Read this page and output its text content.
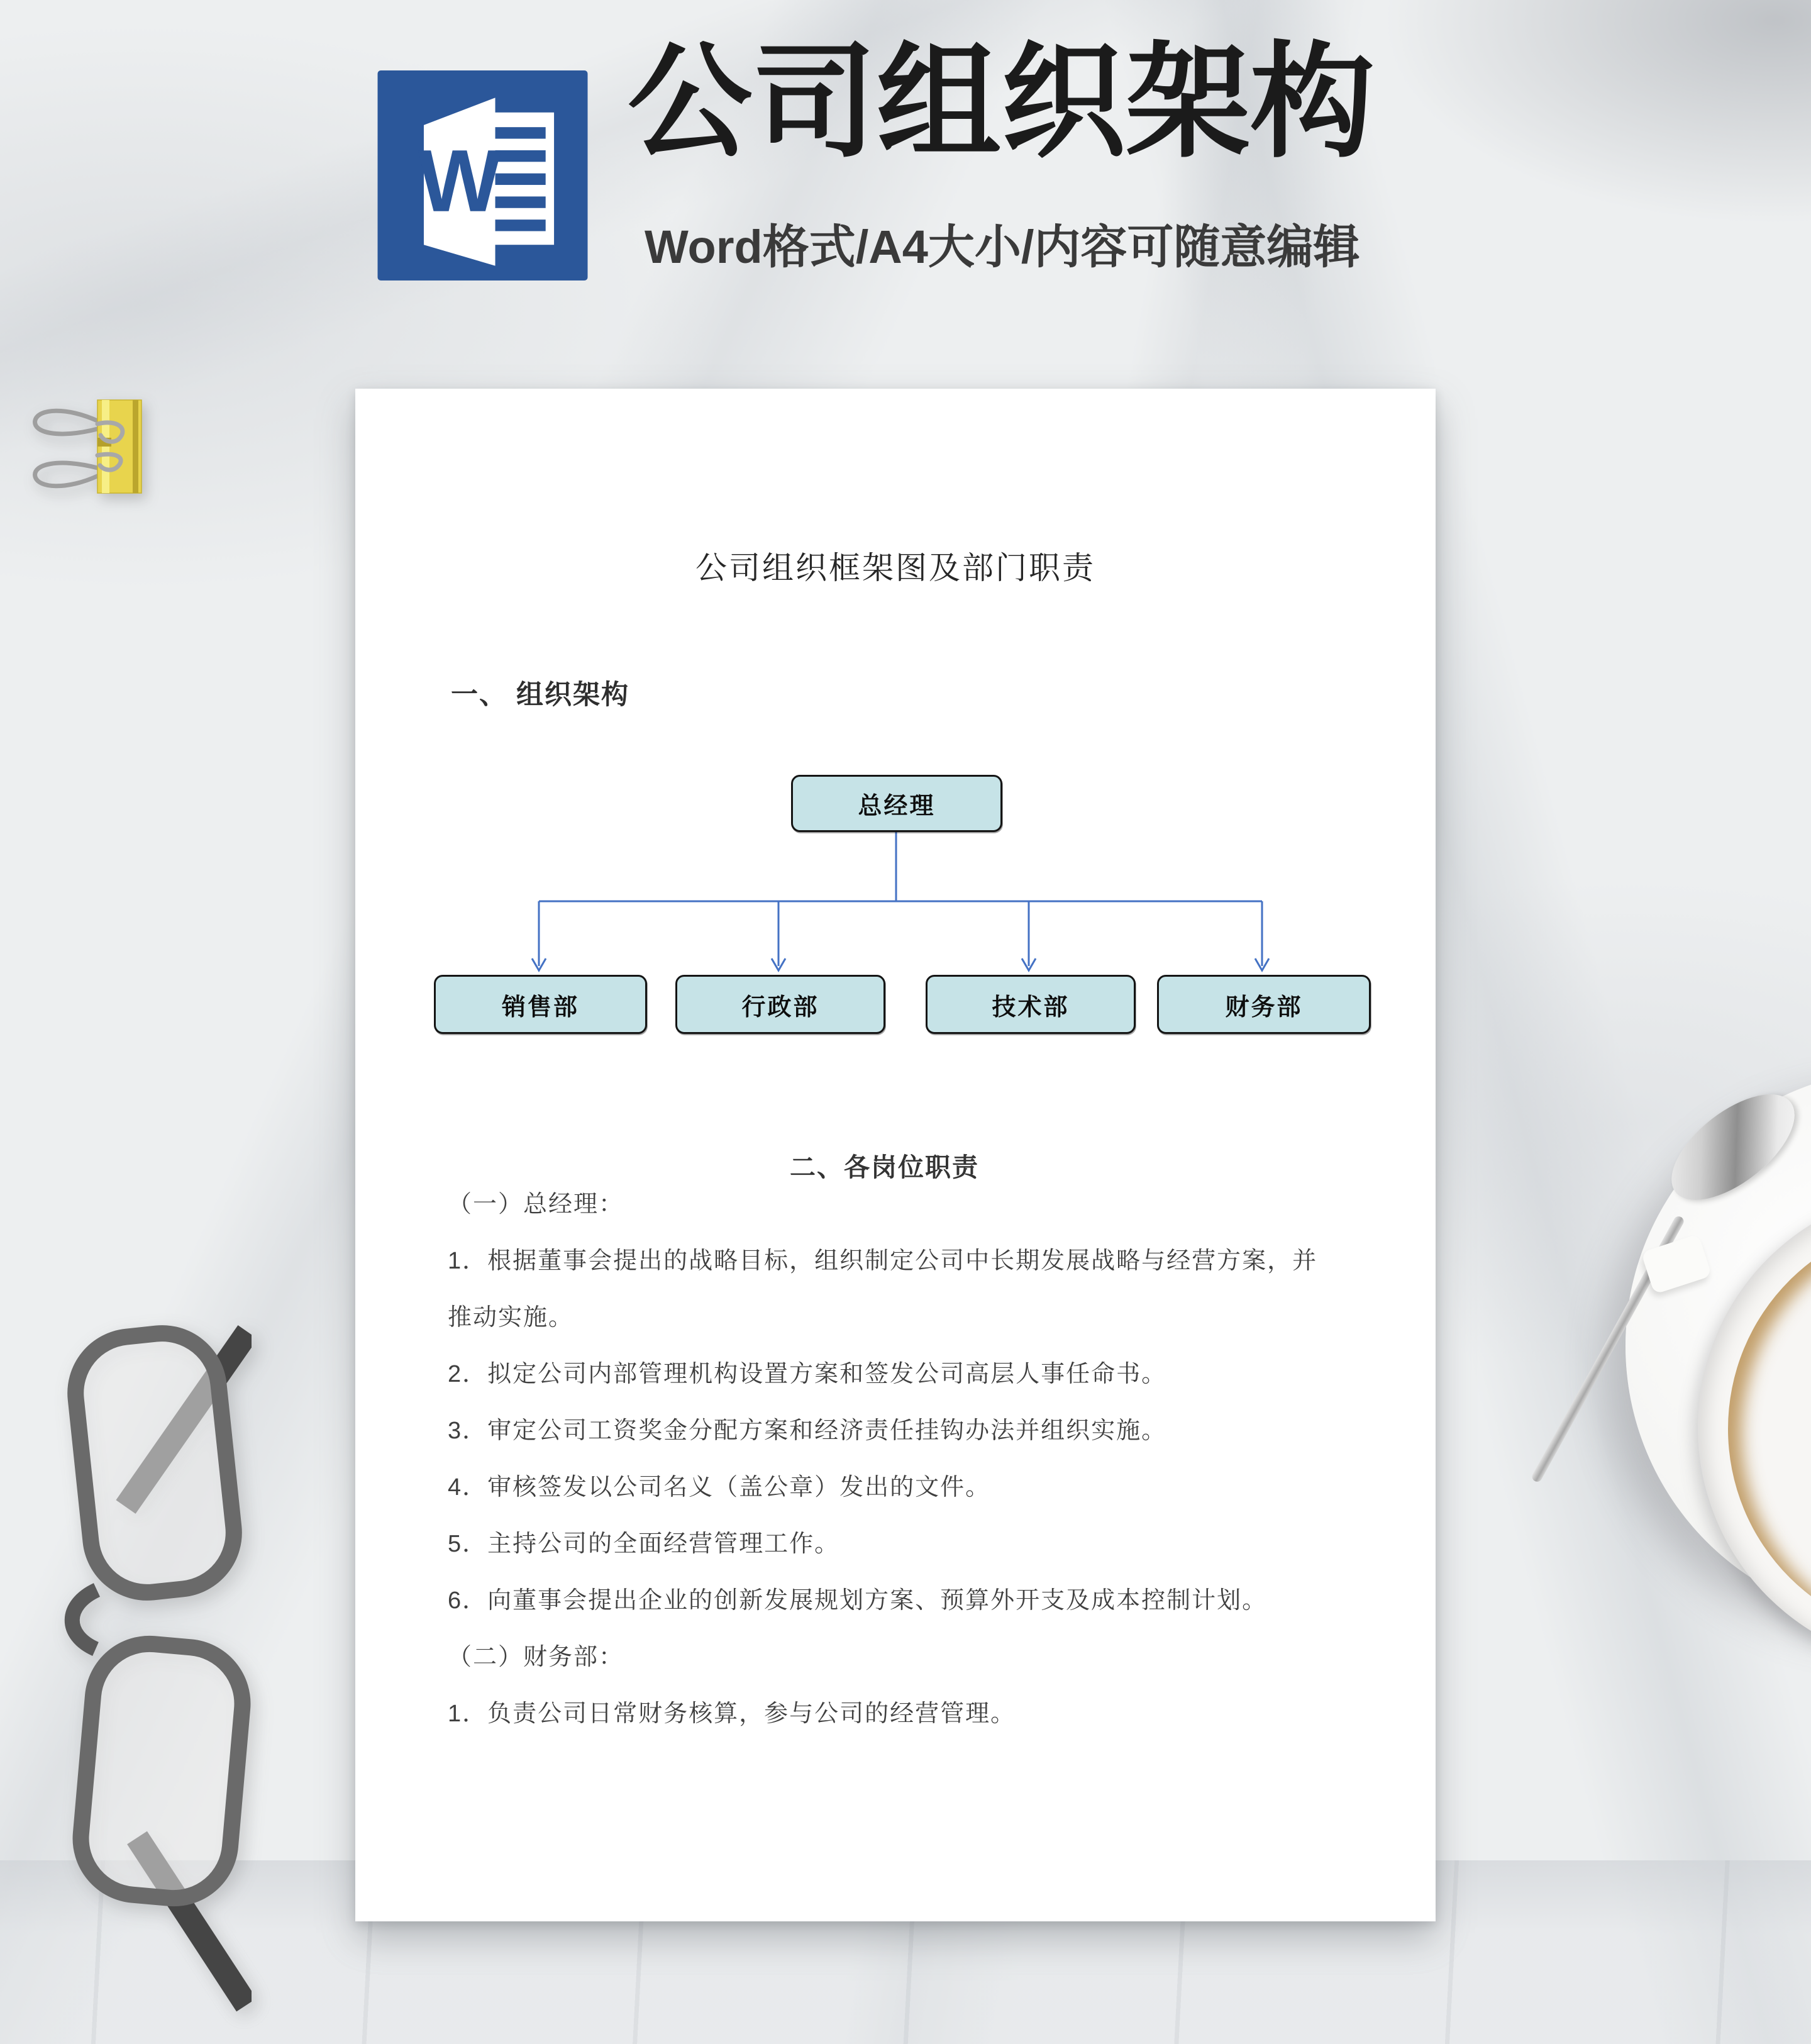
W
公司组织架构
Word格式/A4大小/内容可随意编辑
公司组织框架图及部门职责
一、 组织架构
总经理
销售部	行政部	技术部	财务部
二、各岗位职责
（一）总经理：
1．根据董事会提出的战略目标，组织制定公司中长期发展战略与经营方案，并
推动实施。
2．拟定公司内部管理机构设置方案和签发公司高层人事任命书。
3．审定公司工资奖金分配方案和经济责任挂钩办法并组织实施。
4．审核签发以公司名义（盖公章）发出的文件。
5．主持公司的全面经营管理工作。
6．向董事会提出企业的创新发展规划方案、预算外开支及成本控制计划。
（二）财务部：
1．负责公司日常财务核算，参与公司的经营管理。
